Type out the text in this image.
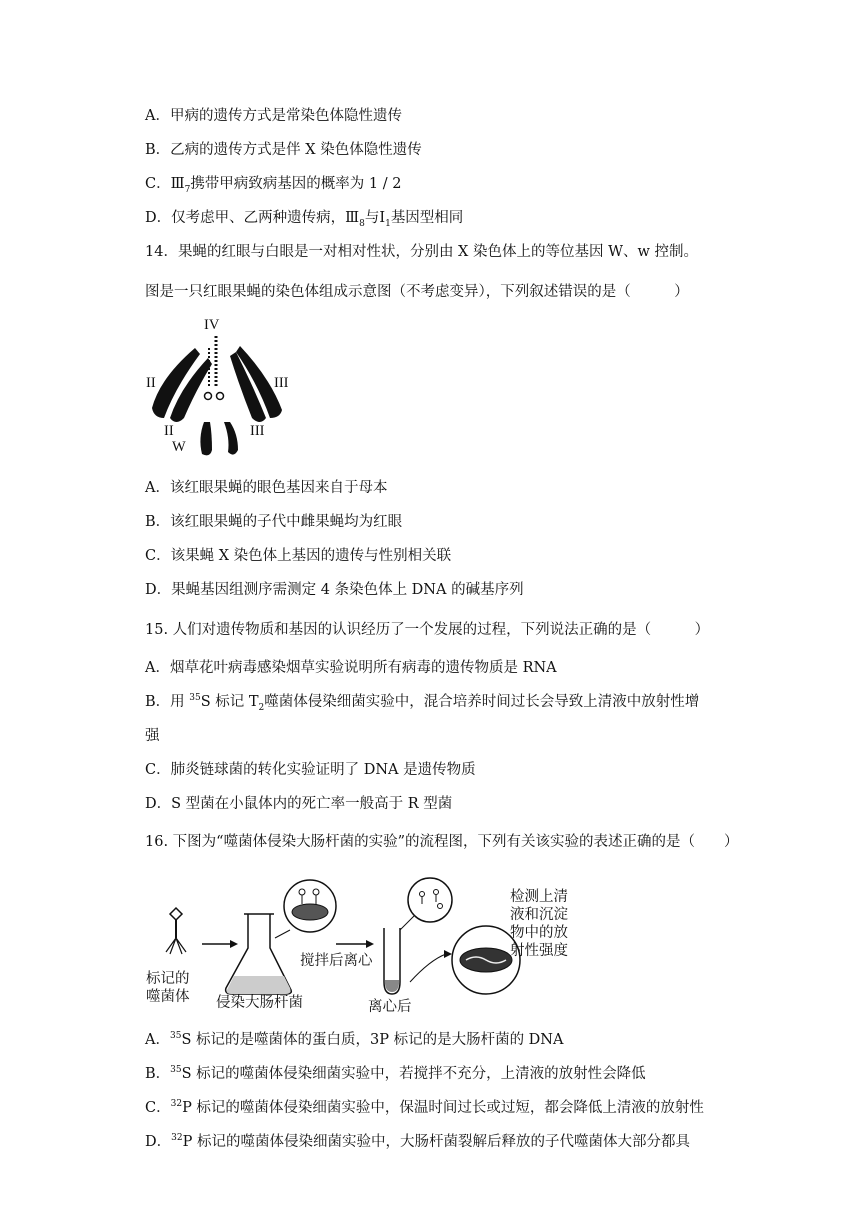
A．甲病的遗传方式是常染色体隐性遗传
B．乙病的遗传方式是伴 X 染色体隐性遗传
C．$Ⅲ_7$携带甲病致病基因的概率为 1 / 2
D．仅考虑甲、乙两种遗传病，$Ⅲ_8$与$Ⅰ_1$基因型相同
14．果蝇的红眼与白眼是一对相对性状，分别由 X 染色体上的等位基因 W、w 控制。
图是一只红眼果蝇的染色体组成示意图（不考虑变异），下列叙述错误的是（　　　）
IV
II	III
II	III
W
A．该红眼果蝇的眼色基因来自于母本
B．该红眼果蝇的子代中雌果蝇均为红眼
C．该果蝇 X 染色体上基因的遗传与性别相关联
D．果蝇基因组测序需测定 4 条染色体上 DNA 的碱基序列
15. 人们对遗传物质和基因的认识经历了一个发展的过程，下列说法正确的是（　　　）
A．烟草花叶病毒感染烟草实验说明所有病毒的遗传物质是 RNA
B．用 $^{35}$S 标记 $T_2$噬菌体侵染细菌实验中，混合培养时间过长会导致上清液中放射性增
强
C．肺炎链球菌的转化实验证明了 DNA 是遗传物质
D．S 型菌在小鼠体内的死亡率一般高于 R 型菌
16. 下图为“噬菌体侵染大肠杆菌的实验”的流程图，下列有关该实验的表述正确的是（　　）
标记的
噬菌体 侵染大肠杆菌
搅拌后离心
离心后
检测上清
液和沉淀
物中的放
射性强度
A．$^{35}$S 标记的是噬菌体的蛋白质，3P 标记的是大肠杆菌的 DNA
B．$^{35}$S 标记的噬菌体侵染细菌实验中，若搅拌不充分，上清液的放射性会降低
C．$^{32}$P 标记的噬菌体侵染细菌实验中，保温时间过长或过短，都会降低上清液的放射性
D．$^{32}$P 标记的噬菌体侵染细菌实验中，大肠杆菌裂解后释放的子代噬菌体大部分都具
